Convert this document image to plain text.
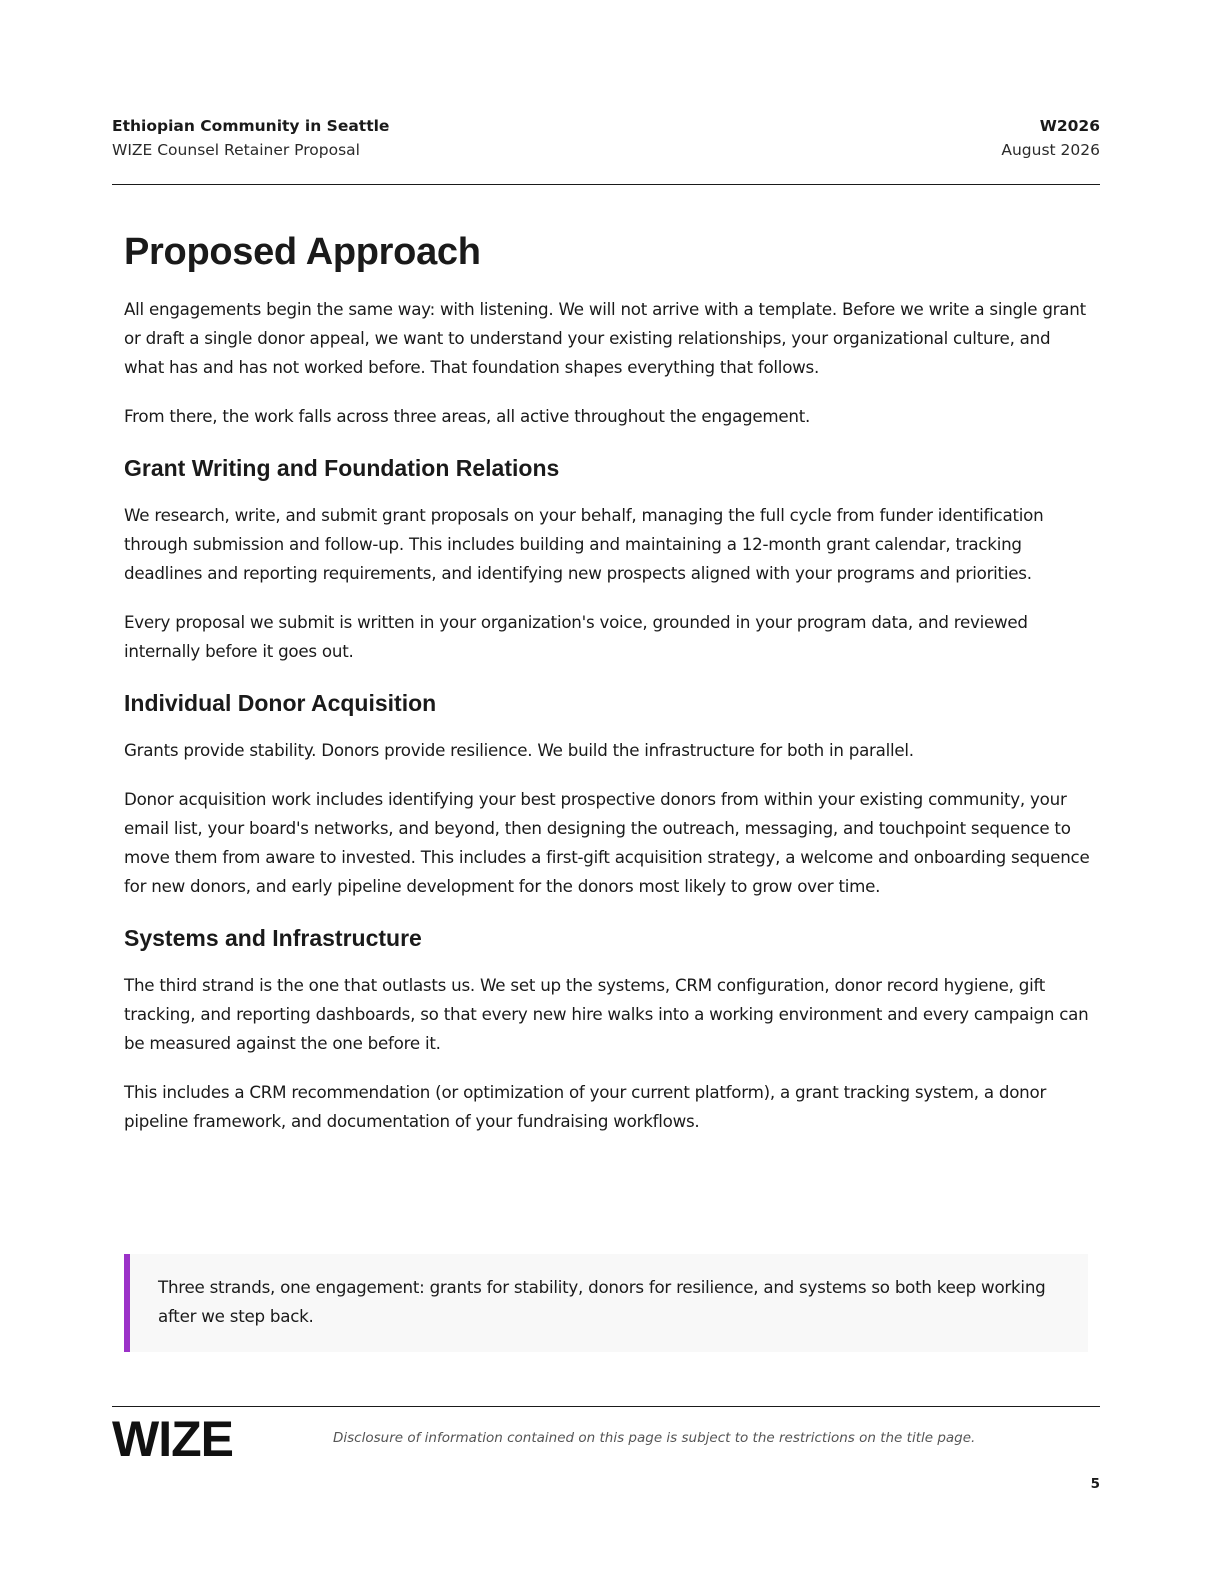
Ethiopian Community in Seattle
WIZE Counsel Retainer Proposal
W2026
August 2026
Proposed Approach

All engagements begin the same way: with listening. We will not arrive with a template. Before we write a single grant or draft a single donor appeal, we want to understand your existing relationships, your organizational culture, and what has and has not worked before. That foundation shapes everything that follows.

From there, the work falls across three areas, all active throughout the engagement.

Grant Writing and Foundation Relations

We research, write, and submit grant proposals on your behalf, managing the full cycle from funder identification through submission and follow-up. This includes building and maintaining a 12-month grant calendar, tracking deadlines and reporting requirements, and identifying new prospects aligned with your programs and priorities.

Every proposal we submit is written in your organization's voice, grounded in your program data, and reviewed internally before it goes out.

Individual Donor Acquisition

Grants provide stability. Donors provide resilience. We build the infrastructure for both in parallel.

Donor acquisition work includes identifying your best prospective donors from within your existing community, your email list, your board's networks, and beyond, then designing the outreach, messaging, and touchpoint sequence to move them from aware to invested. This includes a first-gift acquisition strategy, a welcome and onboarding sequence for new donors, and early pipeline development for the donors most likely to grow over time.

Systems and Infrastructure

The third strand is the one that outlasts us. We set up the systems, CRM configuration, donor record hygiene, gift tracking, and reporting dashboards, so that every new hire walks into a working environment and every campaign can be measured against the one before it.

This includes a CRM recommendation (or optimization of your current platform), a grant tracking system, a donor pipeline framework, and documentation of your fundraising workflows.

Three strands, one engagement: grants for stability, donors for resilience, and systems so both keep working after we step back.

WIZE	Disclosure of information contained on this page is subject to the restrictions on the title page.
5
